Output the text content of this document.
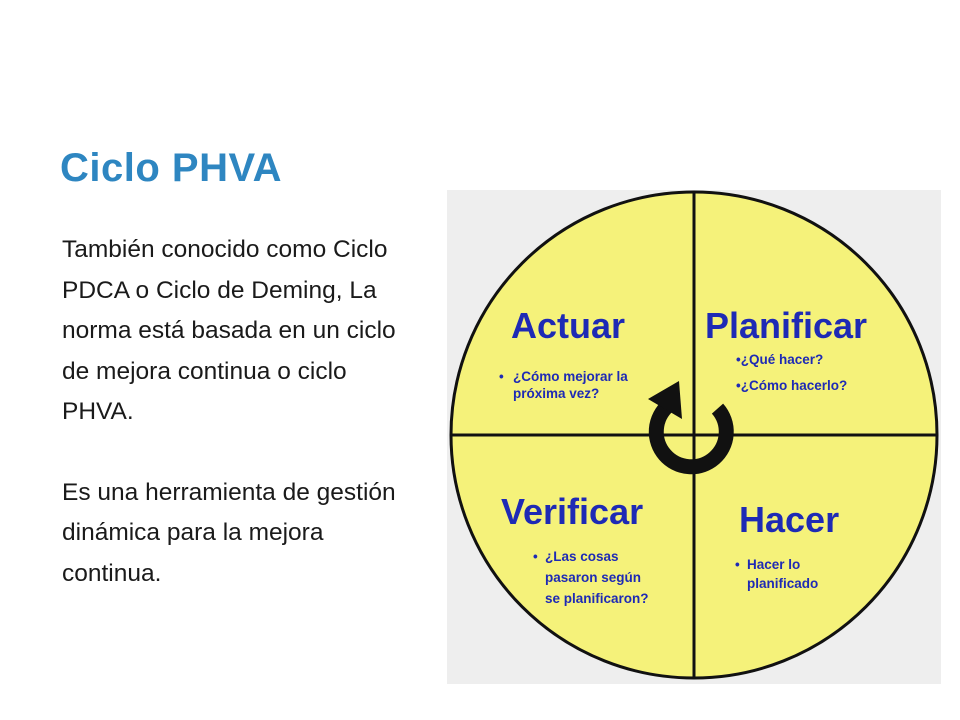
Ciclo PHVA

También conocido como Ciclo PDCA o Ciclo de Deming, La norma está basada en un ciclo de mejora continua o ciclo PHVA.

Es una herramienta de gestión dinámica para la mejora continua.

Actuar
• ¿Cómo mejorar la
próxima vez?
Planificar
•¿Qué hacer?
•¿Cómo hacerlo?
Verificar
• ¿Las cosas
pasaron según
se planificaron?
Hacer
• Hacer lo
planificado
